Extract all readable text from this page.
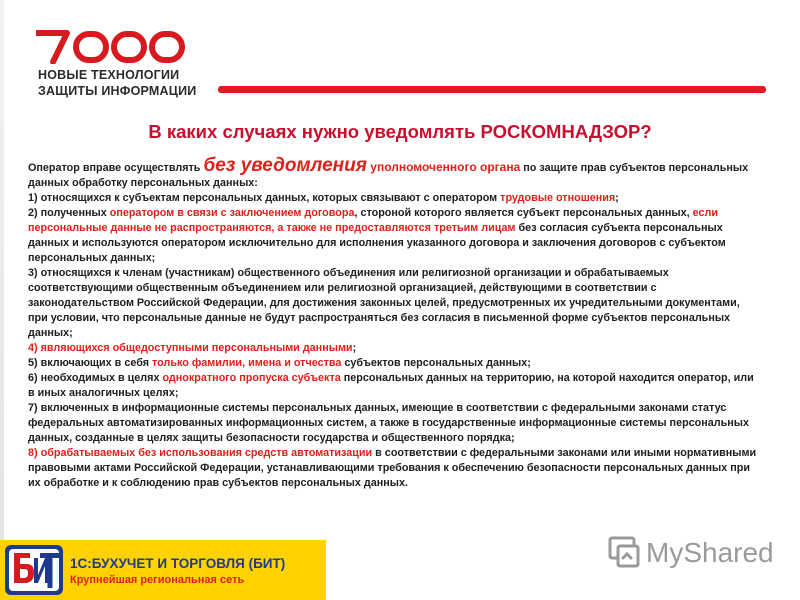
НОВЫЕ ТЕХНОЛОГИИ
ЗАЩИТЫ ИНФОРМАЦИИ
В каких случаях нужно уведомлять РОСКОМНАДЗОР?

Оператор вправе осуществлять без уведомления уполномоченного органа по защите прав субъектов персональных данных обработку персональных данных:

1) относящихся к субъектам персональных данных, которых связывают с оператором трудовые отношения;

2) полученных оператором в связи с заключением договора, стороной которого является субъект персональных данных, если персональные данные не распространяются, а также не предоставляются третьим лицам без согласия субъекта персональных данных и используются оператором исключительно для исполнения указанного договора и заключения договоров с субъектом персональных данных;

3) относящихся к членам (участникам) общественного объединения или религиозной организации и обрабатываемых соответствующими общественным объединением или религиозной организацией, действующими в соответствии с законодательством Российской Федерации, для достижения законных целей, предусмотренных их учредительными документами, при условии, что персональные данные не будут распространяться без согласия в письменной форме субъектов персональных данных;

4) являющихся общедоступными персональными данными;

5) включающих в себя только фамилии, имена и отчества субъектов персональных данных;

6) необходимых в целях однократного пропуска субъекта персональных данных на территорию, на которой находится оператор, или в иных аналогичных целях;

7) включенных в информационные системы персональных данных, имеющие в соответствии с федеральными законами статус федеральных автоматизированных информационных систем, а также в государственные информационные системы персональных данных, созданные в целях защиты безопасности государства и общественного порядка;

8) обрабатываемых без использования средств автоматизации в соответствии с федеральными законами или иными нормативными правовыми актами Российской Федерации, устанавливающими требования к обеспечению безопасности персональных данных при их обработке и к соблюдению прав субъектов персональных данных.

1С:БУХУЧЕТ И ТОРГОВЛЯ (БИТ)
Крупнейшая региональная сеть
MyShared
